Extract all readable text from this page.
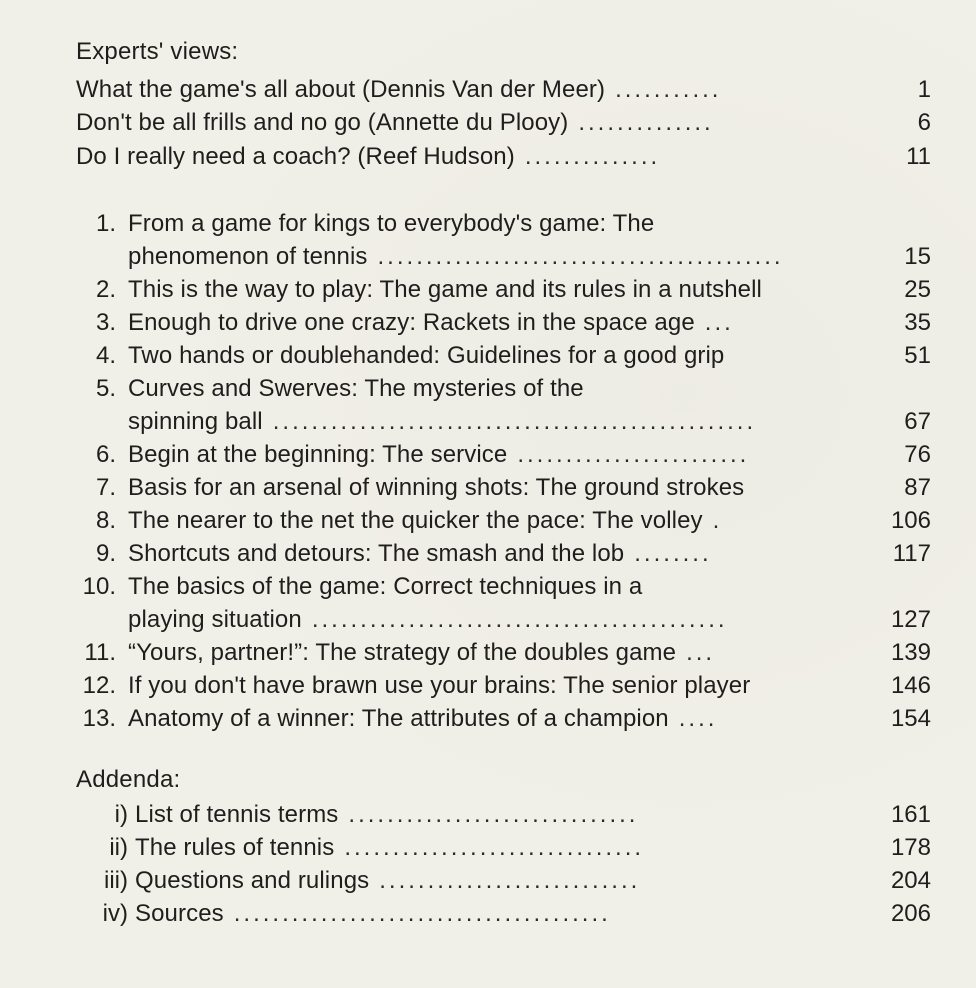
Experts' views:
What the game's all about (Dennis Van der Meer) ...........	1
Don't be all frills and no go (Annette du Plooy) ..............	6
Do I really need a coach? (Reef Hudson) ..............	11
1. From a game for kings to everybody's game: The
phenomenon of tennis ..........................................	15
2. This is the way to play: The game and its rules in a nutshell	25
3. Enough to drive one crazy: Rackets in the space age ...	35
4. Two hands or doublehanded: Guidelines for a good grip	51
5. Curves and Swerves: The mysteries of the
spinning ball ..................................................	67
6. Begin at the beginning: The service ........................	76
7. Basis for an arsenal of winning shots: The ground strokes	87
8. The nearer to the net the quicker the pace: The volley .	106
9. Shortcuts and detours: The smash and the lob ........	117
10. The basics of the game: Correct techniques in a
playing situation ...........................................	127
11. “Yours, partner!”: The strategy of the doubles game ...	139
12. If you don't have brawn use your brains: The senior player	146
13. Anatomy of a winner: The attributes of a champion ....	154
Addenda:
i) List of tennis terms ..............................	161
ii) The rules of tennis ...............................	178
iii) Questions and rulings ...........................	204
iv) Sources .......................................	206
